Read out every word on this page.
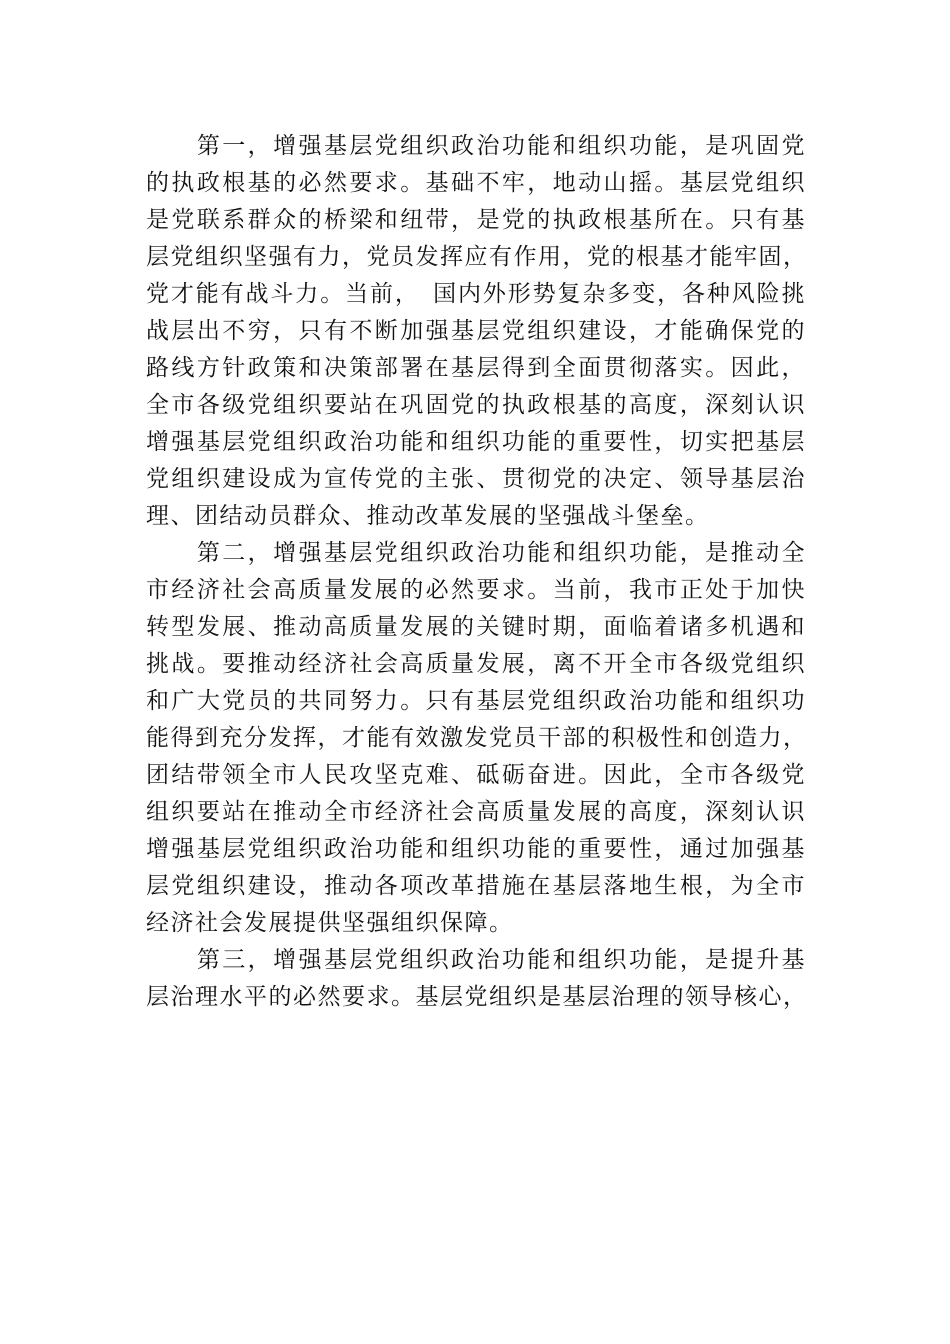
　　第一，增强基层党组织政治功能和组织功能，是巩固党
的执政根基的必然要求。基础不牢，地动山摇。基层党组织
是党联系群众的桥梁和纽带，是党的执政根基所在。只有基
层党组织坚强有力，党员发挥应有作用，党的根基才能牢固，
党才能有战斗力。当前，　国内外形势复杂多变，各种风险挑
战层出不穷，只有不断加强基层党组织建设，才能确保党的
路线方针政策和决策部署在基层得到全面贯彻落实。因此，
全市各级党组织要站在巩固党的执政根基的高度，深刻认识
增强基层党组织政治功能和组织功能的重要性，切实把基层
党组织建设成为宣传党的主张、贯彻党的决定、领导基层治
理、团结动员群众、推动改革发展的坚强战斗堡垒。
　　第二，增强基层党组织政治功能和组织功能，是推动全
市经济社会高质量发展的必然要求。当前，我市正处于加快
转型发展、推动高质量发展的关键时期，面临着诸多机遇和
挑战。要推动经济社会高质量发展，离不开全市各级党组织
和广大党员的共同努力。只有基层党组织政治功能和组织功
能得到充分发挥，才能有效激发党员干部的积极性和创造力，
团结带领全市人民攻坚克难、砥砺奋进。因此，全市各级党
组织要站在推动全市经济社会高质量发展的高度，深刻认识
增强基层党组织政治功能和组织功能的重要性，通过加强基
层党组织建设，推动各项改革措施在基层落地生根，为全市
经济社会发展提供坚强组织保障。
　　第三，增强基层党组织政治功能和组织功能，是提升基
层治理水平的必然要求。基层党组织是基层治理的领导核心，
